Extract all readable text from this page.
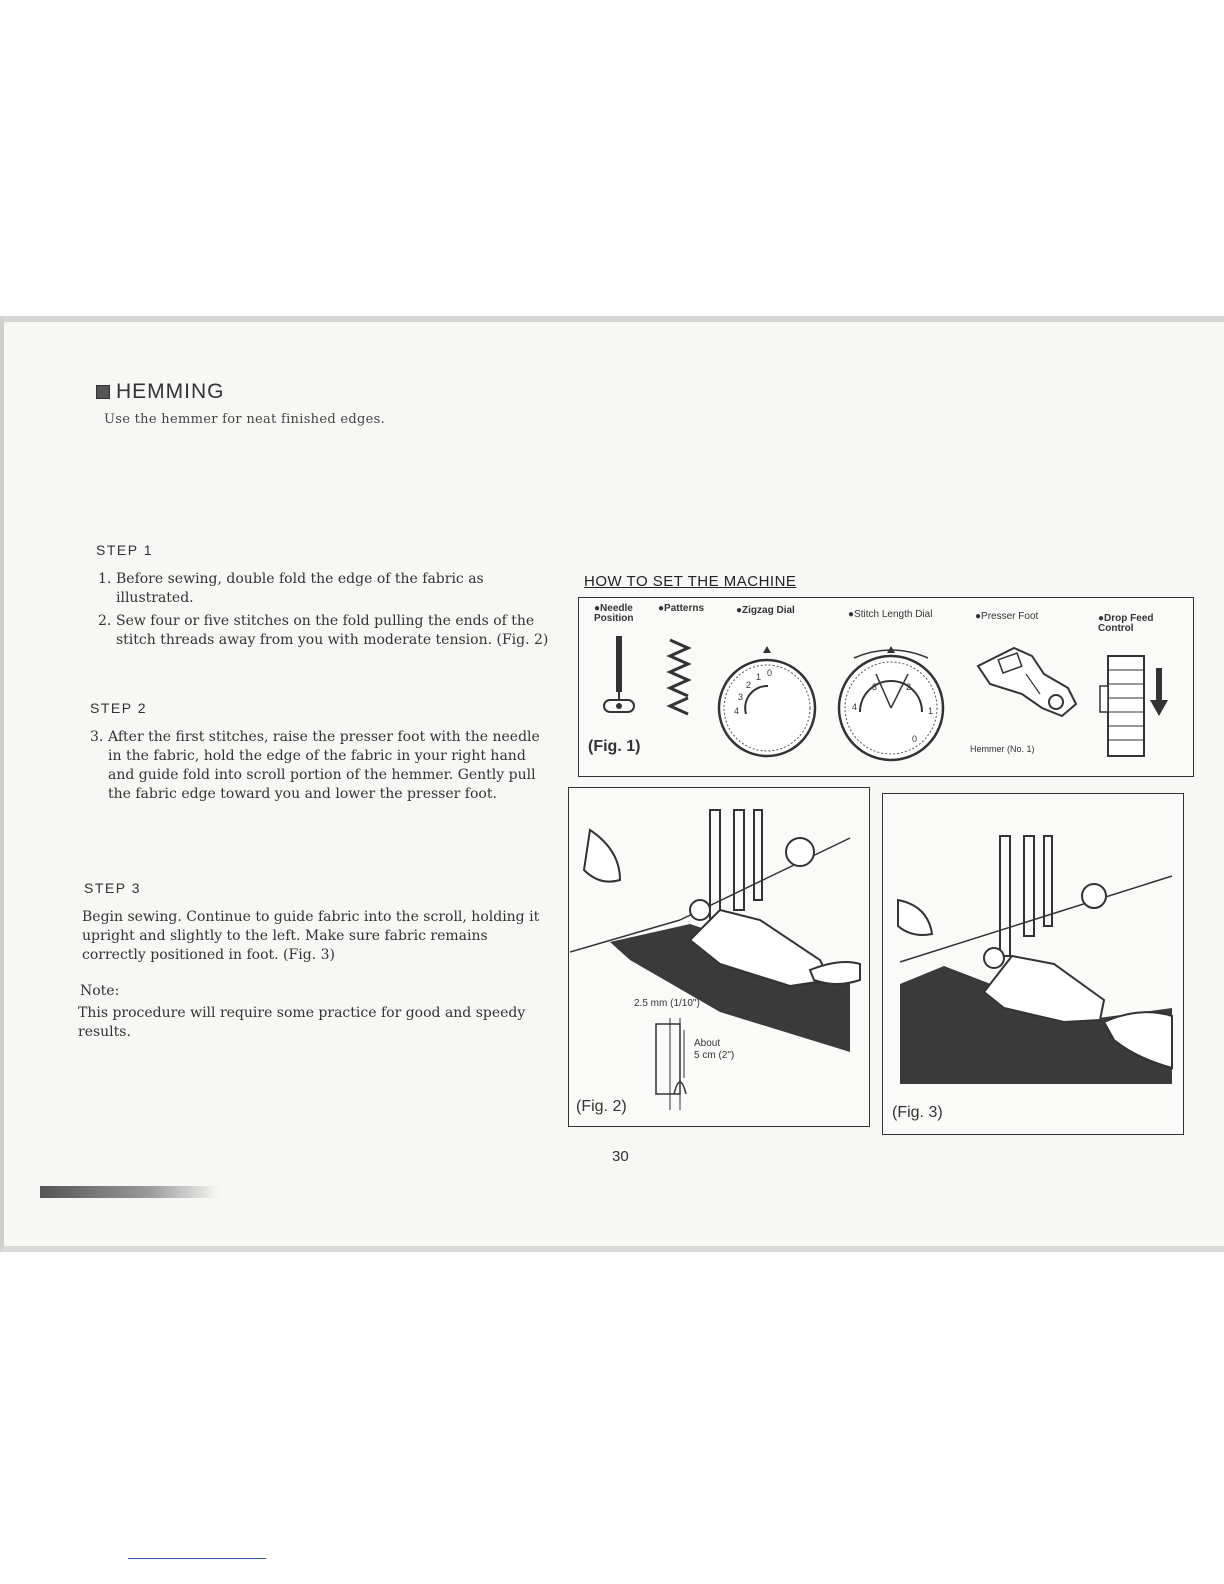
HEMMING
Use the hemmer for neat finished edges.
STEP 1

1. Before sewing, double fold the edge of the fabric as illustrated.

2. Sew four or five stitches on the fold pulling the ends of the stitch threads away from you with moderate tension. (Fig. 2)

STEP 2

3. After the first stitches, raise the presser foot with the needle in the fabric, hold the edge of the fabric in your right hand and guide fold into scroll portion of the hemmer. Gently pull the fabric edge toward you and lower the presser foot.

STEP 3

Begin sewing. Continue to guide fabric into the scroll, holding it upright and slightly to the left. Make sure fabric remains correctly positioned in foot. (Fig. 3)

Note:
This procedure will require some practice for good and speedy results.
HOW TO SET THE MACHINE
●Needle Position
●Patterns	●Zigzag Dial	●Stitch Length Dial	●Presser Foot	●Drop Feed Control
0
1
2
3
4
3	2
4	1
0
Hemmer (No. 1)
(Fig. 1)
2.5 mm (1/10")
About
5 cm (2")
(Fig. 2)	(Fig. 3)
30
